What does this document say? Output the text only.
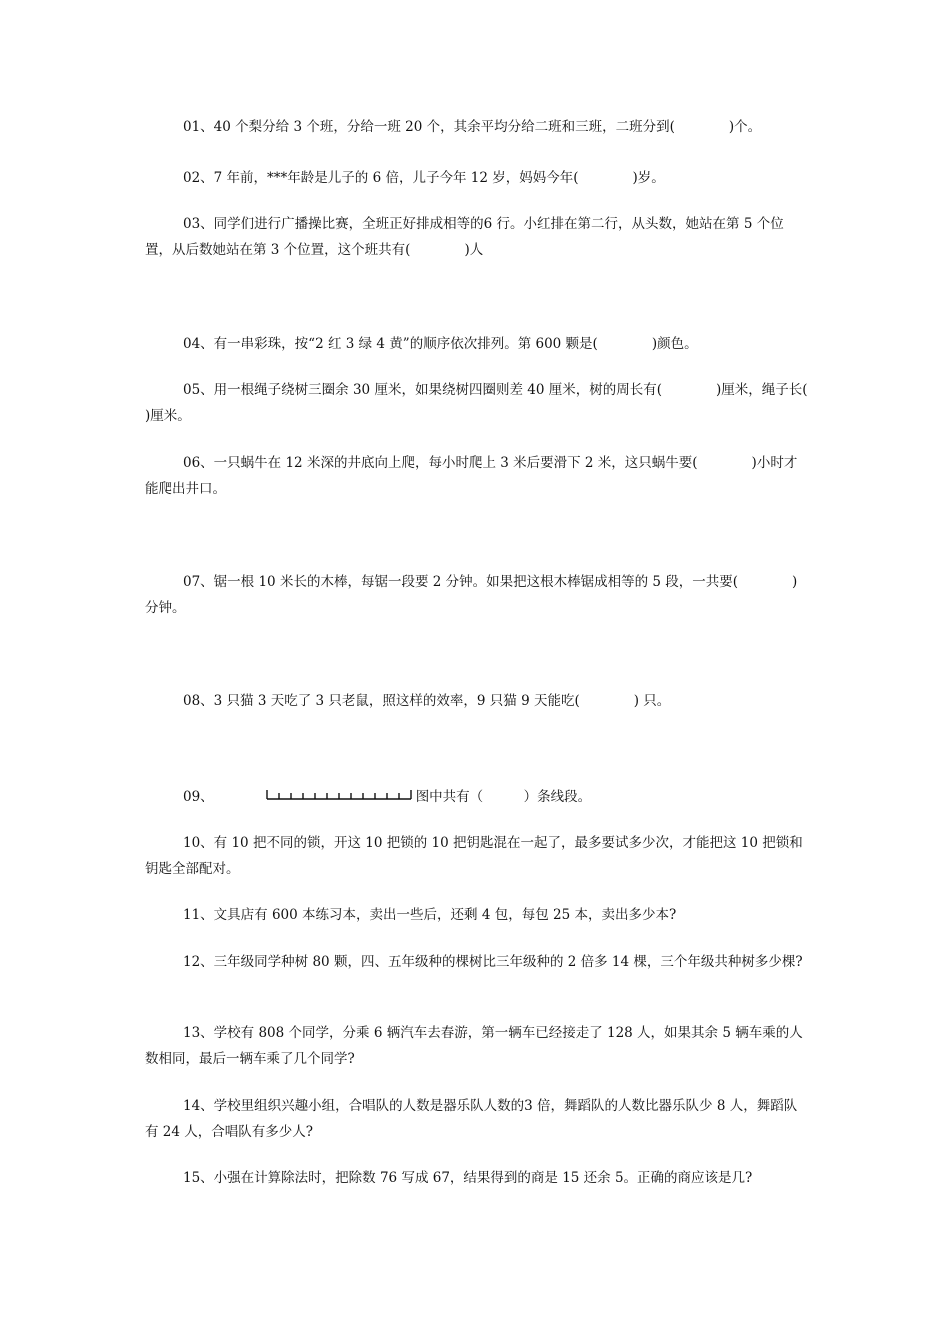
01、40 个梨分给 3 个班，分给一班 20 个，其余平均分给二班和三班，二班分到(　　　　)个。

02、7 年前，***年龄是儿子的 6 倍，儿子今年 12 岁，妈妈今年(　　　　)岁。

03、同学们进行广播操比赛，全班正好排成相等的6 行。小红排在第二行，从头数，她站在第 5 个位置，从后数她站在第 3 个位置，这个班共有(　　　　)人

04、有一串彩珠，按“2 红 3 绿 4 黄”的顺序依次排列。第 600 颗是(　　　　)颜色。

05、用一根绳子绕树三圈余 30 厘米，如果绕树四圈则差 40 厘米，树的周长有(　　　　)厘米，绳子长(　　　　)厘米。

06、一只蜗牛在 12 米深的井底向上爬，每小时爬上 3 米后要滑下 2 米，这只蜗牛要(　　　　)小时才能爬出井口。

07、锯一根 10 米长的木棒，每锯一段要 2 分钟。如果把这根木棒锯成相等的 5 段，一共要(　　　　)分钟。

08、3 只猫 3 天吃了 3 只老鼠，照这样的效率，9 只猫 9 天能吃(　　　　) 只。

09、	图中共有（　　　）条线段。

10、有 10 把不同的锁，开这 10 把锁的 10 把钥匙混在一起了，最多要试多少次，才能把这 10 把锁和钥匙全部配对。

11、文具店有 600 本练习本，卖出一些后，还剩 4 包，每包 25 本，卖出多少本?

12、三年级同学种树 80 颗，四、五年级种的棵树比三年级种的 2 倍多 14 棵，三个年级共种树多少棵?

13、学校有 808 个同学，分乘 6 辆汽车去春游，第一辆车已经接走了 128 人，如果其余 5 辆车乘的人数相同，最后一辆车乘了几个同学?

14、学校里组织兴趣小组，合唱队的人数是器乐队人数的3 倍，舞蹈队的人数比器乐队少 8 人，舞蹈队有 24 人，合唱队有多少人?

15、小强在计算除法时，把除数 76 写成 67，结果得到的商是 15 还余 5。正确的商应该是几?
